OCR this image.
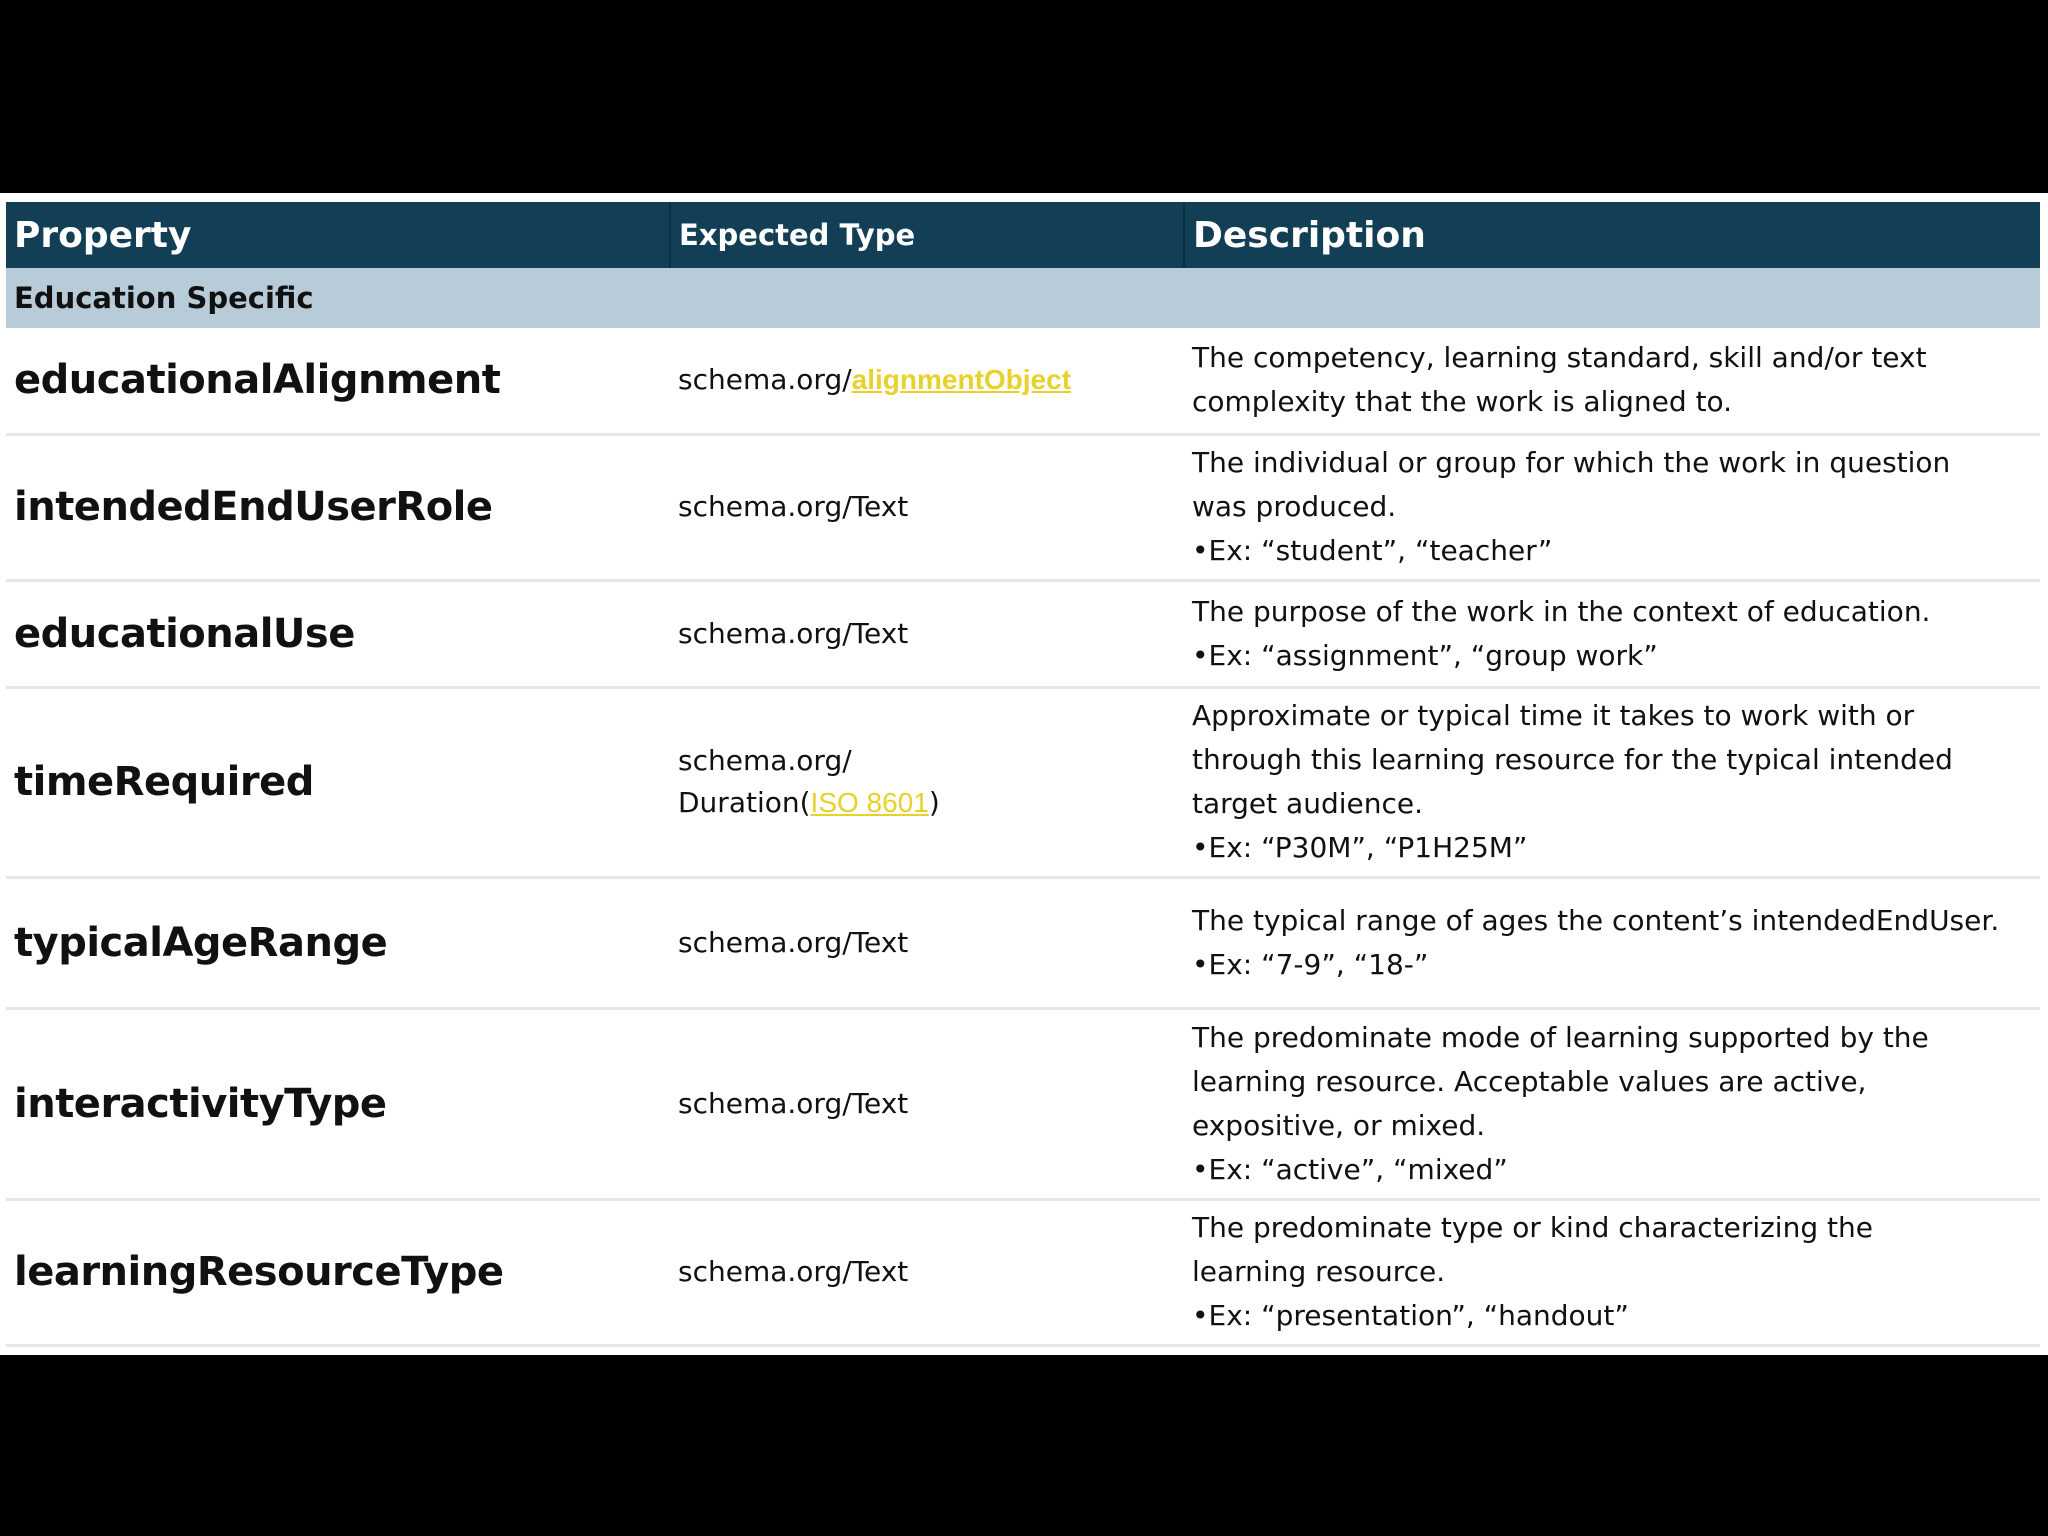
Property	Expected Type	Description
Education Specific		
educationalAlignment	schema.org/alignmentObject	The competency, learning standard, skill and/or text
complexity that the work is aligned to.

intendedEndUserRole	schema.org/Text	The individual or group for which the work in question
was produced.
•Ex: “student”, “teacher”

educationalUse	schema.org/Text	The purpose of the work in the context of education.
•Ex: “assignment”, “group work”

timeRequired	schema.org/
Duration(ISO 8601)	Approximate or typical time it takes to work with or
through this learning resource for the typical intended
target audience.
•Ex: “P30M”, “P1H25M”

typicalAgeRange	schema.org/Text	The typical range of ages the content’s intendedEndUser.
•Ex: “7-9”, “18-”

interactivityType	schema.org/Text	The predominate mode of learning supported by the
learning resource. Acceptable values are active,
expositive, or mixed.
•Ex: “active”, “mixed”

learningResourceType	schema.org/Text	The predominate type or kind characterizing the
learning resource.
•Ex: “presentation”, “handout”
